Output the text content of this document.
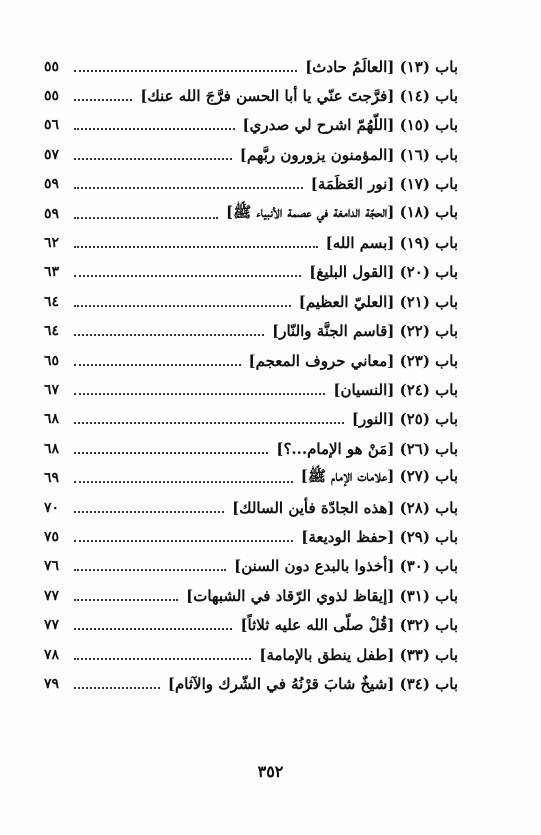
باب (١٣) [العالَمُ حادث]
٥٥
باب (١٤) [فرَّجتَ عنّي يا أبا الحسن فرَّجَ الله عنك]
٥٥
باب (١٥) [اللّهُمّ اشرح لي صدري]
٥٦
باب (١٦) [المؤمنون يزورون ربَّهم]
٥٧
باب (١٧) [نور العَظَمَة]
٥٩
باب (١٨) [الحجّة الدامغة في عصمة الأنبياء ﷺ]
٥٩
باب (١٩) [بسم الله]
٦٢
باب (٢٠) [القول البليغ]
٦٣
باب (٢١) [العليّ العظيم]
٦٤
باب (٢٢) [قاسم الجنَّة والنّار]
٦٤
باب (٢٣) [معاني حروف المعجم]
٦٥
باب (٢٤) [النسيان]
٦٧
باب (٢٥) [النور]
٦٨
باب (٢٦) [مَنْ هو الإمام...؟]
٦٨
باب (٢٧) [علامات الإمام ﷺ]
٦٩
باب (٢٨) [هذه الجادّة فأين السالك]
٧٠
باب (٢٩) [حفظ الوديعة]
٧٥
باب (٣٠) [أخذوا بالبدع دون السنن]
٧٦
باب (٣١) [إيقاظ لذوي الرّقاد في الشبهات]
٧٧
باب (٣٢) [قُلْ صلّى الله عليه ثلاثاً]
٧٧
باب (٣٣) [طفل ينطق بالإمامة]
٧٨
باب (٣٤) [شيخٌ شابَ قرْنُهُ في الشّرك والآثام]
٧٩
٣٥٢
